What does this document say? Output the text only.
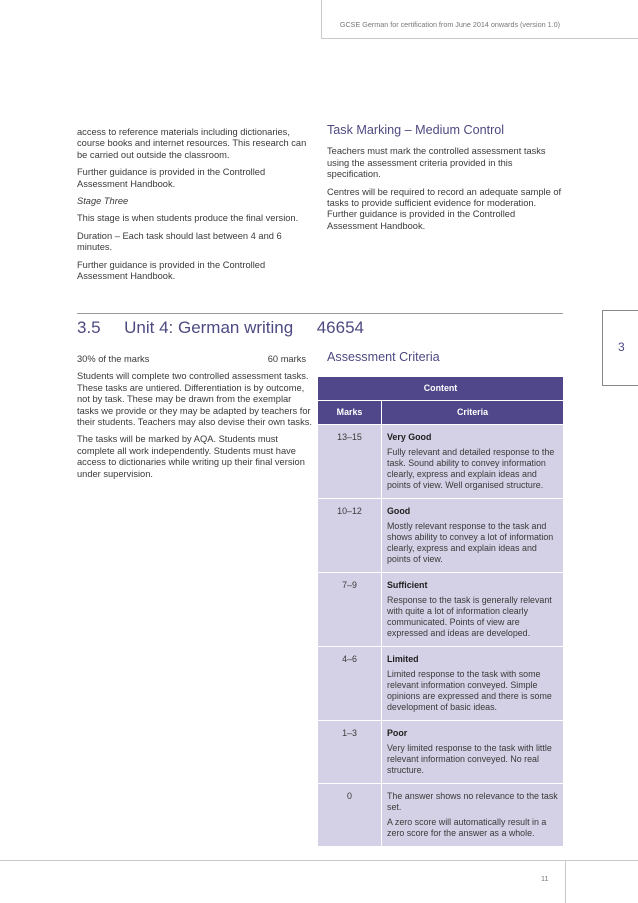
GCSE German for certification from June 2014 onwards (version 1.0)

access to reference materials including dictionaries, course books and internet resources. This research can be carried out outside the classroom.

Further guidance is provided in the Controlled Assessment Handbook.

Stage Three

This stage is when students produce the final version.

Duration – Each task should last between 4 and 6 minutes.

Further guidance is provided in the Controlled Assessment Handbook.

Task Marking – Medium Control

Teachers must mark the controlled assessment tasks using the assessment criteria provided in this specification.

Centres will be required to record an adequate sample of tasks to provide sufficient evidence for moderation. Further guidance is provided in the Controlled Assessment Handbook.

3.5 Unit 4: German writing 46654
3

30% of the marks	60 marks

Students will complete two controlled assessment tasks. These tasks are untiered. Differentiation is by outcome, not by task. These may be drawn from the exemplar tasks we provide or they may be adapted by teachers for their students. Teachers may also devise their own tasks.

The tasks will be marked by AQA. Students must complete all work independently. Students must have access to dictionaries while writing up their final version under supervision.

Assessment Criteria
Content	
Marks	Criteria
13–15	Very Good
Fully relevant and detailed response to the task. Sound ability to convey information clearly, express and explain ideas and points of view. Well organised structure.

10–12	Good
Mostly relevant response to the task and shows ability to convey a lot of information clearly, express and explain ideas and points of view.

7–9	Sufficient
Response to the task is generally relevant with quite a lot of information clearly communicated. Points of view are expressed and ideas are developed.

4–6	Limited
Limited response to the task with some relevant information conveyed. Simple opinions are expressed and there is some development of basic ideas.

1–3	Poor
Very limited response to the task with little relevant information conveyed. No real structure.

0	The answer shows no relevance to the task set.
A zero score will automatically result in a zero score for the answer as a whole.
11
